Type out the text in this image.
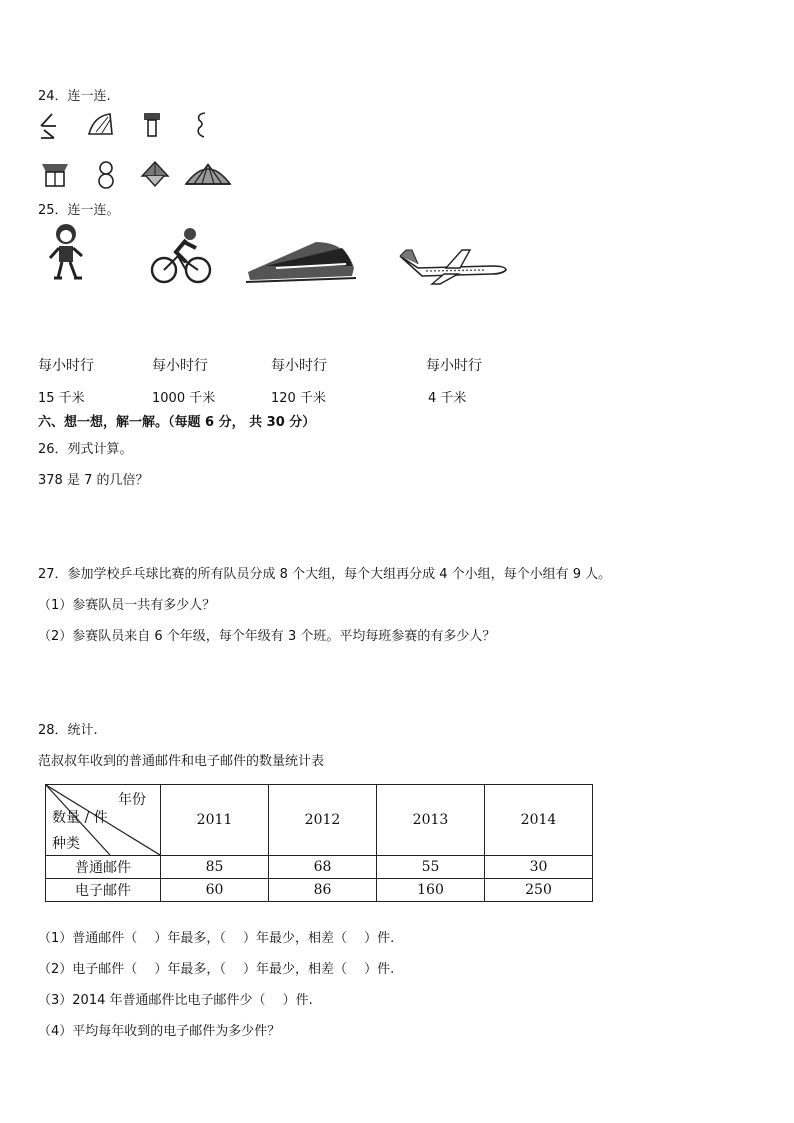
24．连一连.
25．连一连。
每小时行	每小时行	每小时行	每小时行
15 千米	1000 千米	120 千米	4 千米
六、想一想，解一解。（每题 6 分， 共 30 分）
26．列式计算。
378 是 7 的几倍？
27．参加学校乒乓球比赛的所有队员分成 8 个大组，每个大组再分成 4 个小组，每个小组有 9 人。
（1）参赛队员一共有多少人？
（2）参赛队员来自 6 个年级，每个年级有 3 个班。平均每班参赛的有多少人？
28．统计.
范叔叔年收到的普通邮件和电子邮件的数量统计表
年份
数量 / 件
种类	2011	2012	2013	2014
普通邮件	85	68	55	30
电子邮件	60	86	160	250
（1）普通邮件（　 ）年最多，（　 ）年最少，相差（　 ）件.
（2）电子邮件（　 ）年最多，（　 ）年最少，相差（　 ）件.
（3）2014 年普通邮件比电子邮件少（　 ）件.
（4）平均每年收到的电子邮件为多少件？
